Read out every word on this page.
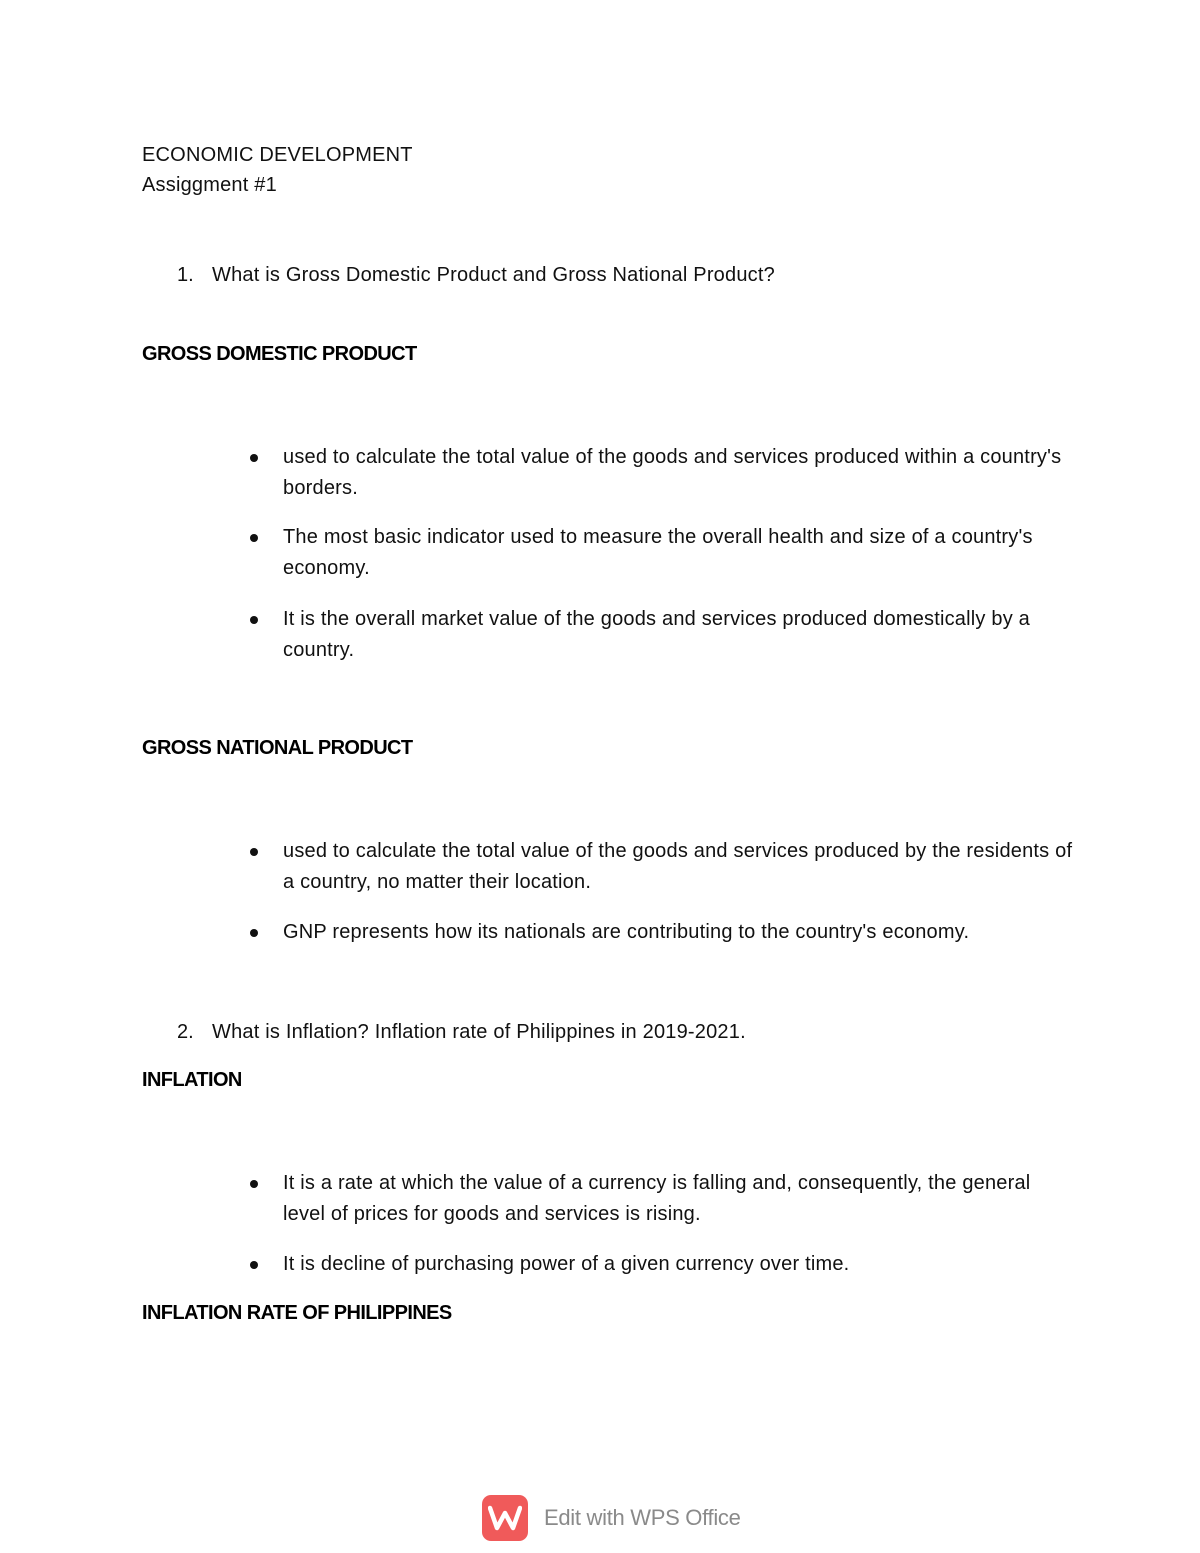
ECONOMIC DEVELOPMENT
Assiggment #1
1. What is Gross Domestic Product and Gross National Product?
GROSS DOMESTIC PRODUCT
used to calculate the total value of the goods and services produced within a country's borders.
The most basic indicator used to measure the overall health and size of a country's economy.
It is the overall market value of the goods and services produced domestically by a country.
GROSS NATIONAL PRODUCT
used to calculate the total value of the goods and services produced by the residents of a country, no matter their location.
GNP represents how its nationals are contributing to the country's economy.
2. What is Inflation? Inflation rate of Philippines in 2019-2021.
INFLATION
It is a rate at which the value of a currency is falling and, consequently, the general level of prices for goods and services is rising.
It is decline of purchasing power of a given currency over time.
INFLATION RATE OF PHILIPPINES
Edit with WPS Office
